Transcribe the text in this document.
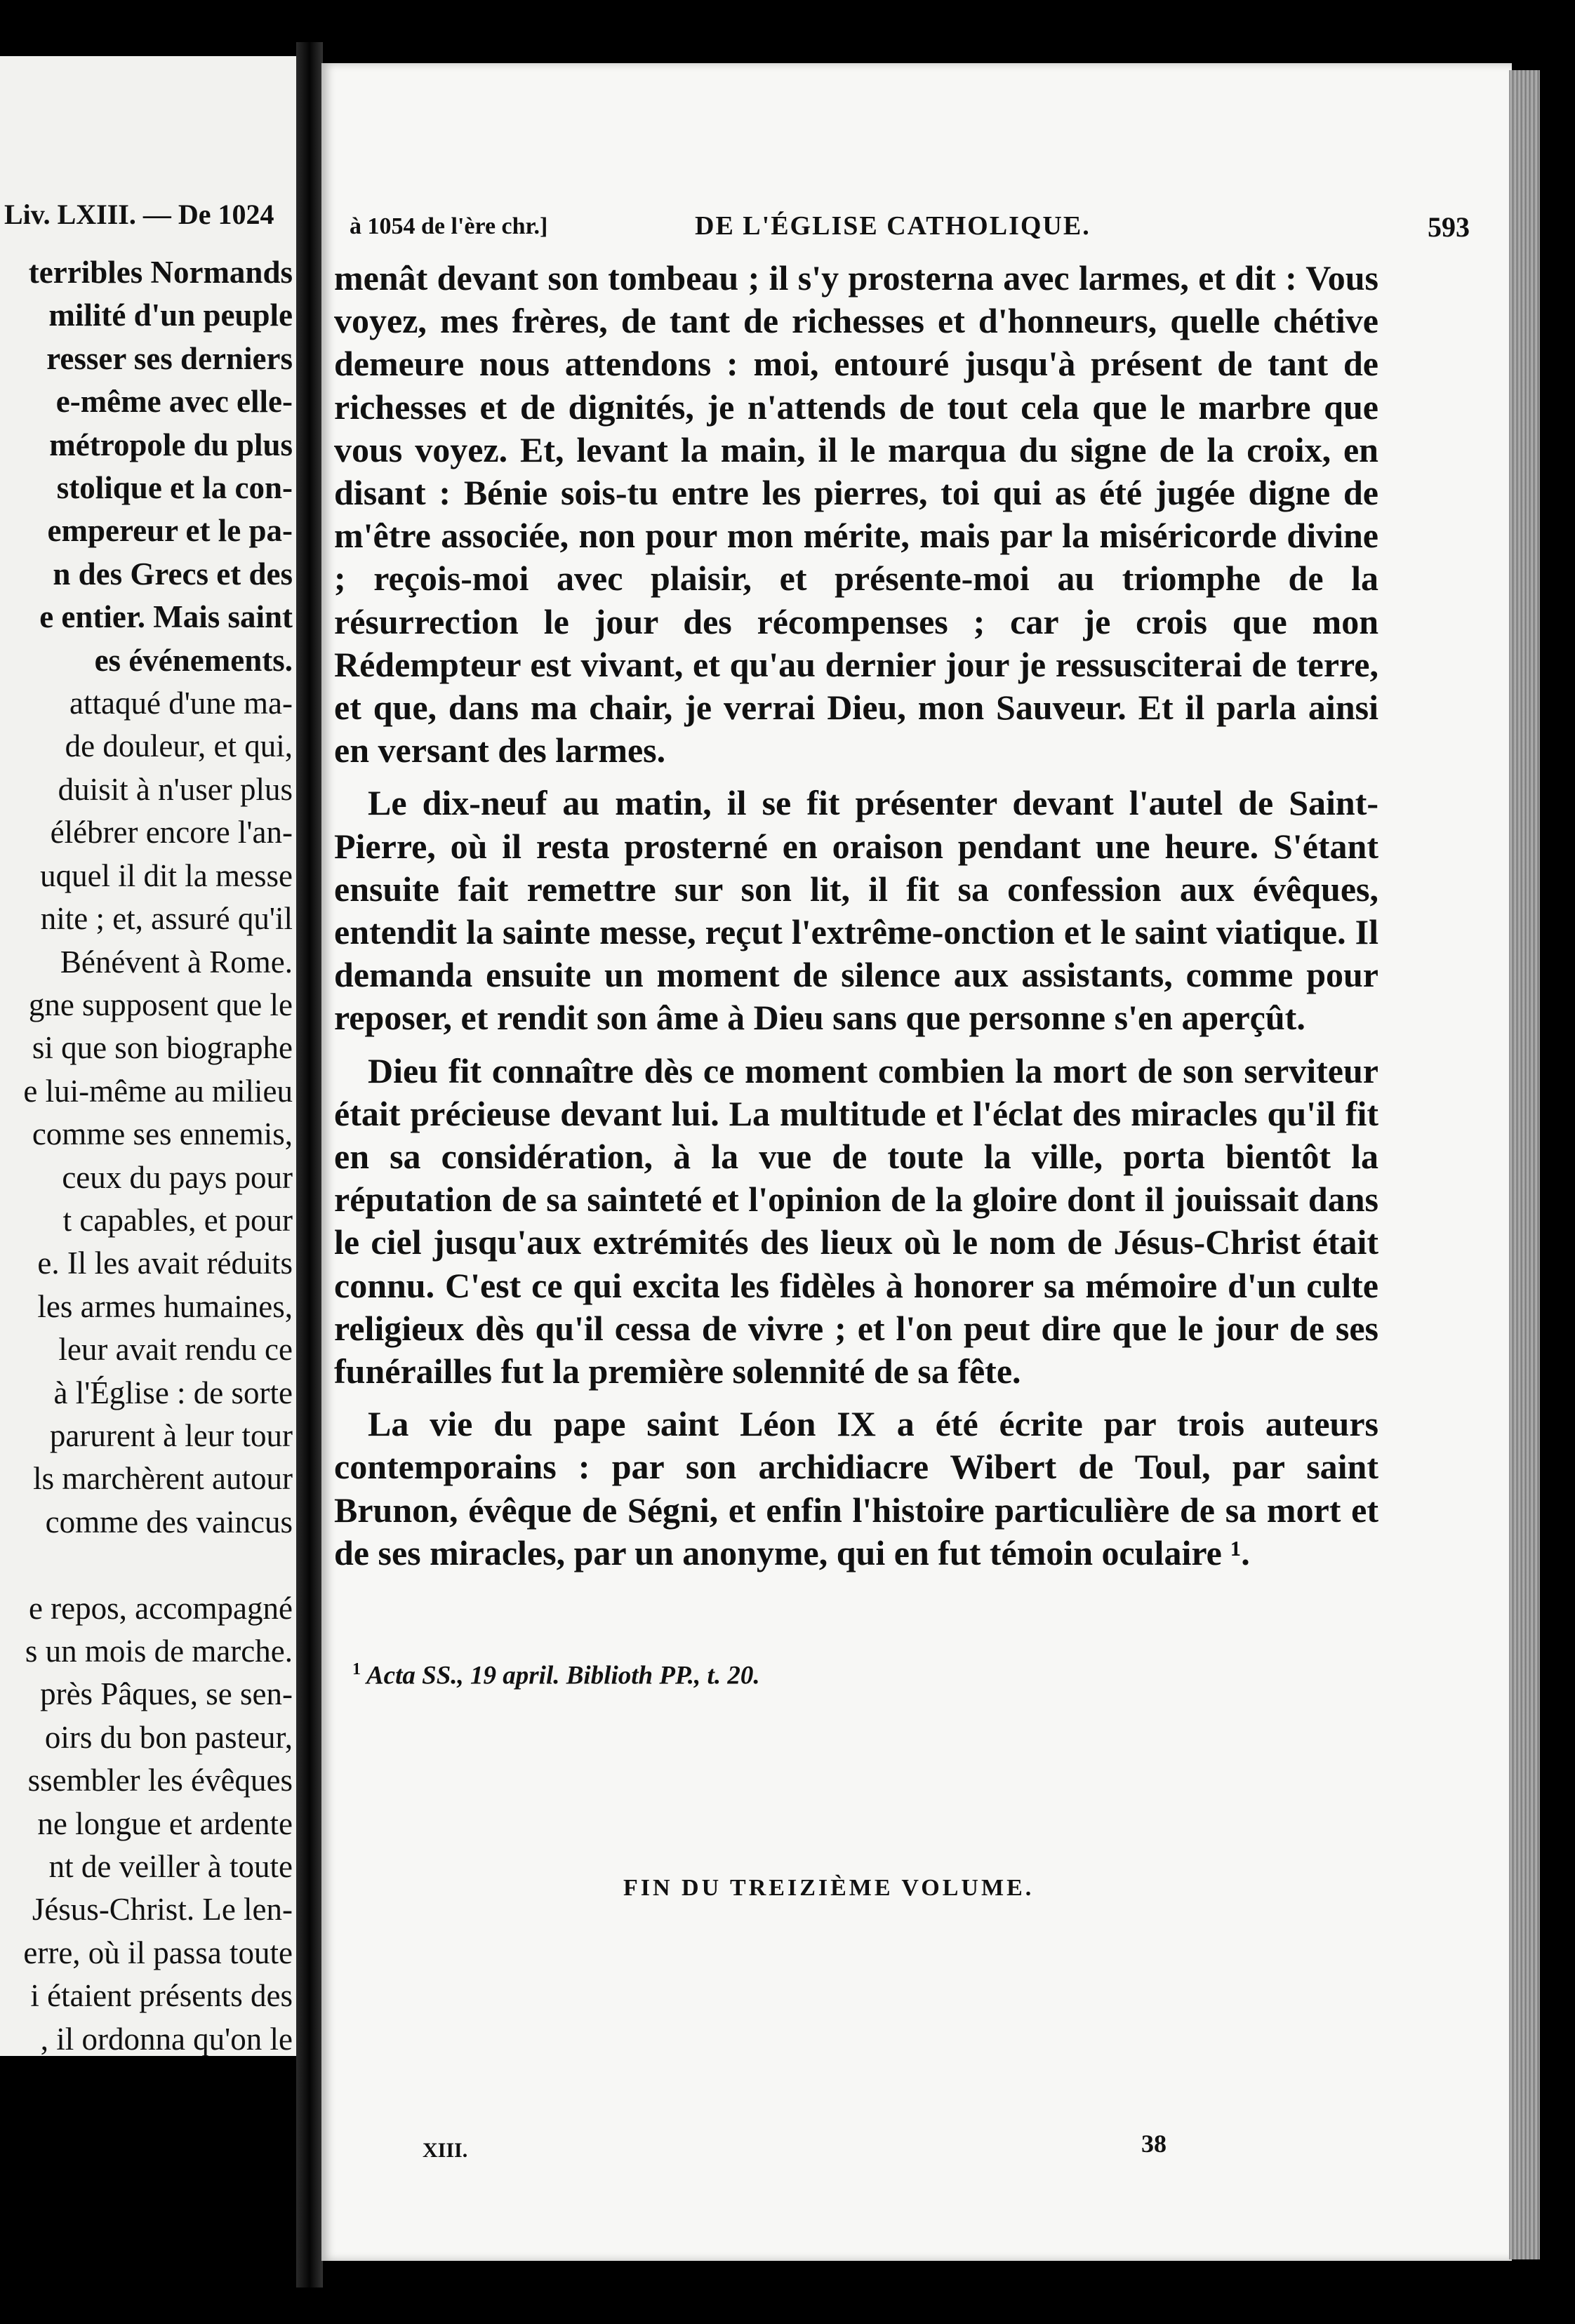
Liv. LXIII. — De 1024
terribles Normands
milité d'un peuple
resser ses derniers
e-même avec elle-
métropole du plus
stolique et la con-
empereur et le pa-
n des Grecs et des
e entier. Mais saint
es événements.
attaqué d'une ma-
de douleur, et qui,
duisit à n'user plus
élébrer encore l'an-
uquel il dit la messe
nite ; et, assuré qu'il
Bénévent à Rome.
gne supposent que le
si que son biographe
e lui-même au milieu
comme ses ennemis,
ceux du pays pour
t capables, et pour
e. Il les avait réduits
les armes humaines,
leur avait rendu ce
à l'Église : de sorte
parurent à leur tour
ls marchèrent autour
comme des vaincus
e repos, accompagné
s un mois de marche.
près Pâques, se sen-
oirs du bon pasteur,
ssembler les évêques
ne longue et ardente
nt de veiller à toute
Jésus-Christ. Le len-
erre, où il passa toute
i étaient présents des
, il ordonna qu'on le
à 1054 de l'ère chr.]	DE L'ÉGLISE CATHOLIQUE.	593

menât devant son tombeau ; il s'y prosterna avec larmes, et dit : Vous voyez, mes frères, de tant de richesses et d'honneurs, quelle chétive demeure nous attendons : moi, entouré jusqu'à présent de tant de richesses et de dignités, je n'attends de tout cela que le marbre que vous voyez. Et, levant la main, il le marqua du signe de la croix, en disant : Bénie sois-tu entre les pierres, toi qui as été jugée digne de m'être associée, non pour mon mérite, mais par la miséricorde divine ; reçois-moi avec plaisir, et présente-moi au triomphe de la résurrection le jour des récompenses ; car je crois que mon Rédempteur est vivant, et qu'au dernier jour je ressusciterai de terre, et que, dans ma chair, je verrai Dieu, mon Sauveur. Et il parla ainsi en versant des larmes.

Le dix-neuf au matin, il se fit présenter devant l'autel de Saint-Pierre, où il resta prosterné en oraison pendant une heure. S'étant ensuite fait remettre sur son lit, il fit sa confession aux évêques, entendit la sainte messe, reçut l'extrême-onction et le saint viatique. Il demanda ensuite un moment de silence aux assistants, comme pour reposer, et rendit son âme à Dieu sans que personne s'en aperçût.

Dieu fit connaître dès ce moment combien la mort de son serviteur était précieuse devant lui. La multitude et l'éclat des miracles qu'il fit en sa considération, à la vue de toute la ville, porta bientôt la réputation de sa sainteté et l'opinion de la gloire dont il jouissait dans le ciel jusqu'aux extrémités des lieux où le nom de Jésus-Christ était connu. C'est ce qui excita les fidèles à honorer sa mémoire d'un culte religieux dès qu'il cessa de vivre ; et l'on peut dire que le jour de ses funérailles fut la première solennité de sa fête.

La vie du pape saint Léon IX a été écrite par trois auteurs contemporains : par son archidiacre Wibert de Toul, par saint Brunon, évêque de Ségni, et enfin l'histoire particulière de sa mort et de ses miracles, par un anonyme, qui en fut témoin oculaire ¹.

$^1$ Acta SS., 19 april. Biblioth PP., t. 20.
FIN DU TREIZIÈME VOLUME.
XIII.	38
